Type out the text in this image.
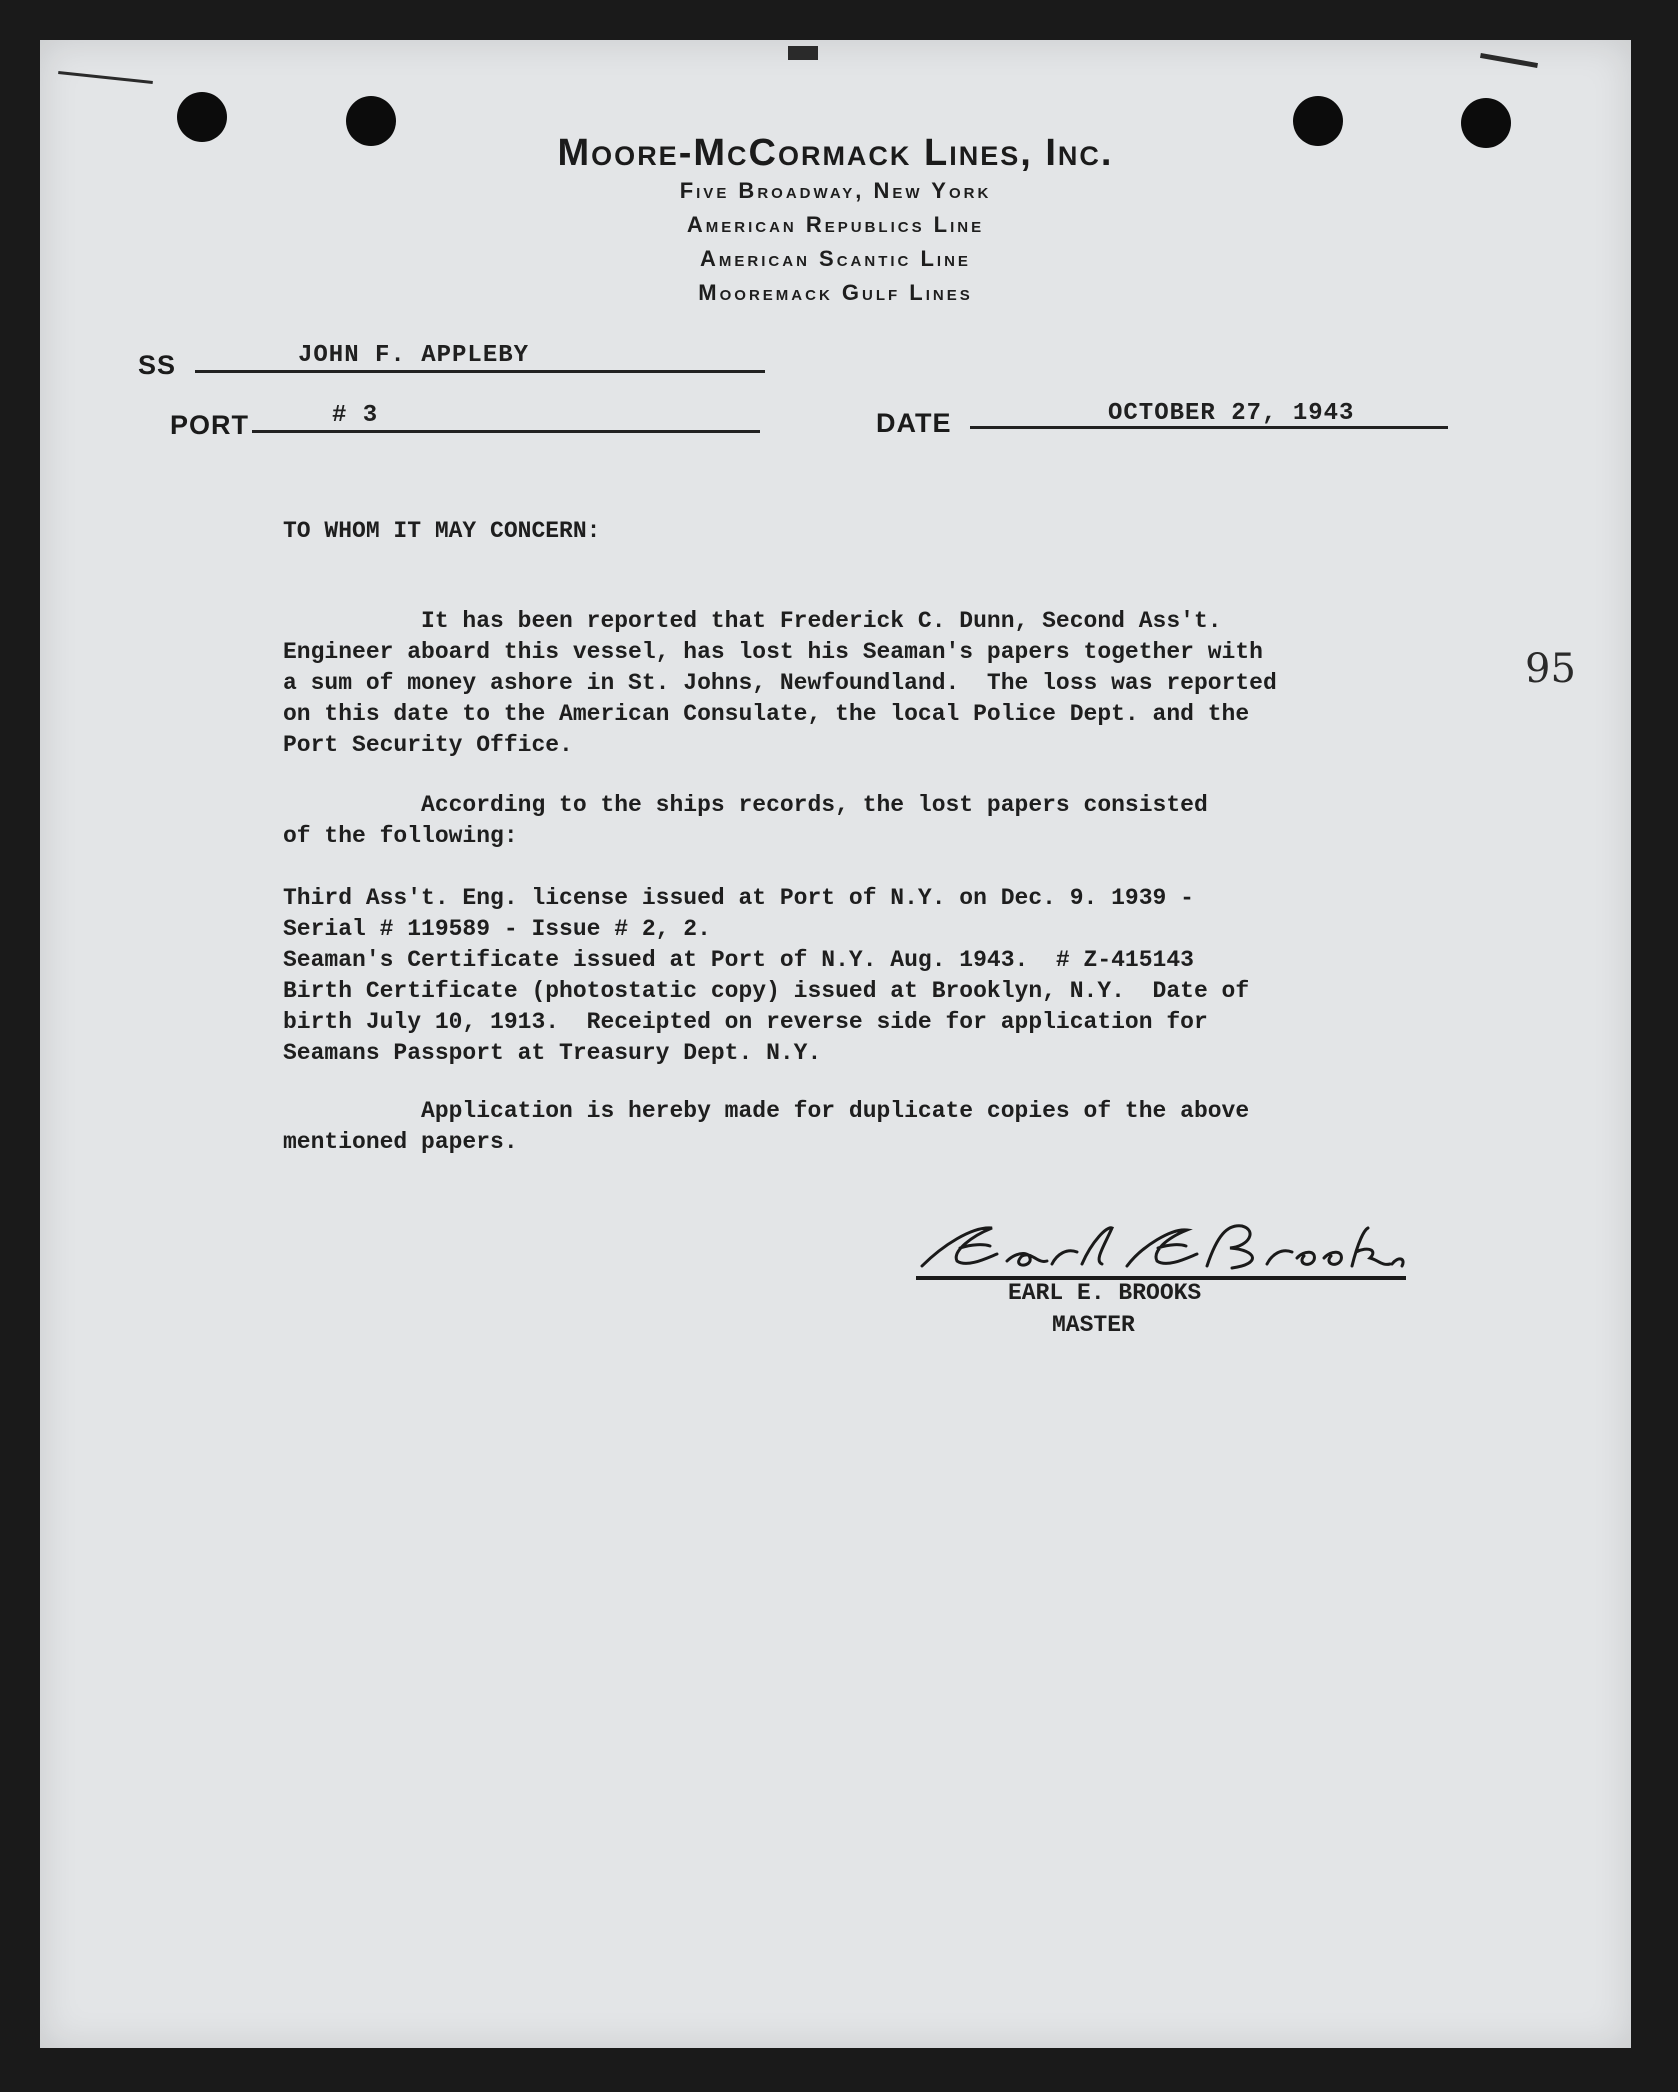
Moore-McCormack Lines, Inc.
Five Broadway, New York
American Republics Line
American Scantic Line
Mooremack Gulf Lines
SS	JOHN F. APPLEBY
PORT	# 3	DATE	OCTOBER 27, 1943
95
TO WHOM IT MAY CONCERN:
It has been reported that Frederick C. Dunn, Second Ass't.
Engineer aboard this vessel, has lost his Seaman's papers together with
a sum of money ashore in St. Johns, Newfoundland.  The loss was reported
on this date to the American Consulate, the local Police Dept. and the
Port Security Office.
According to the ships records, the lost papers consisted
of the following:
Third Ass't. Eng. license issued at Port of N.Y. on Dec. 9. 1939 -
Serial # 119589 - Issue # 2, 2.
Seaman's Certificate issued at Port of N.Y. Aug. 1943.  # Z-415143
Birth Certificate (photostatic copy) issued at Brooklyn, N.Y.  Date of
birth July 10, 1913.  Receipted on reverse side for application for
Seamans Passport at Treasury Dept. N.Y.
Application is hereby made for duplicate copies of the above
mentioned papers.
EARL E. BROOKS
MASTER
